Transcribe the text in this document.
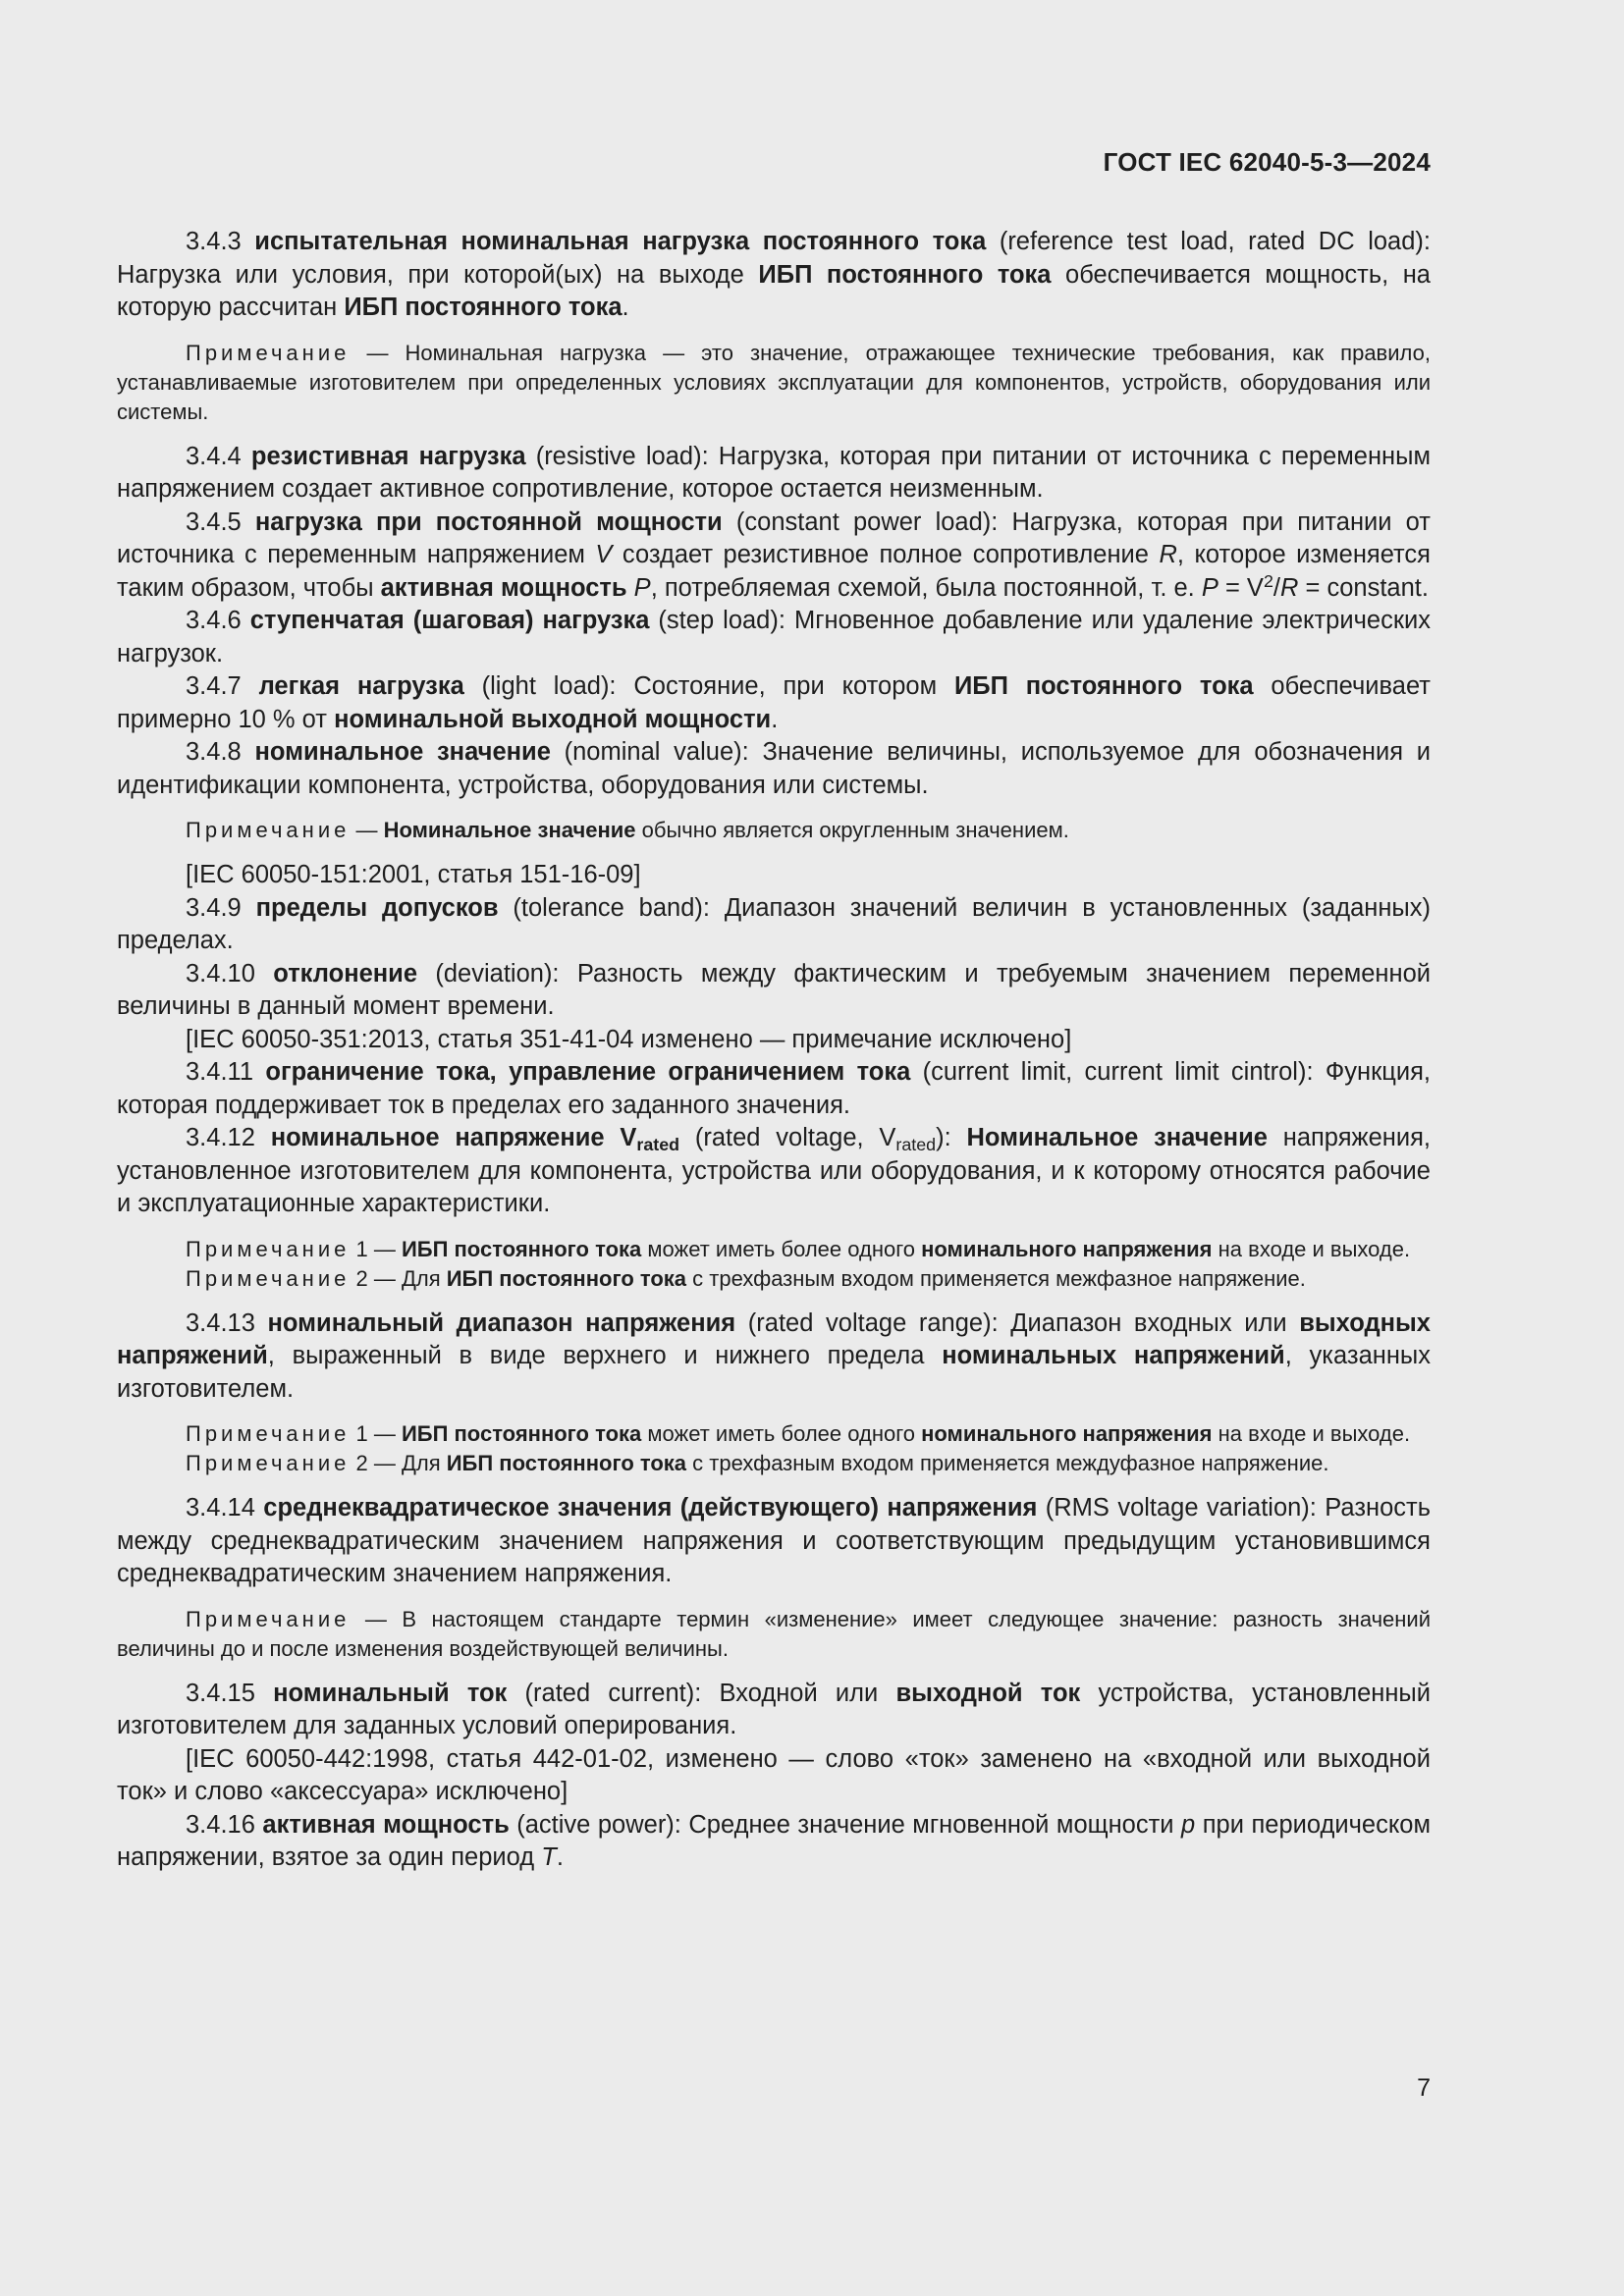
ГОСТ IEC 62040-5-3—2024

3.4.3 испытательная номинальная нагрузка постоянного тока (reference test load, rated DC load): Нагрузка или условия, при которой(ых) на выходе ИБП постоянного тока обеспечивается мощность, на которую рассчитан ИБП постоянного тока.

Примечание — Номинальная нагрузка — это значение, отражающее технические требования, как правило, устанавливаемые изготовителем при определенных условиях эксплуатации для компонентов, устройств, оборудования или системы.

3.4.4 резистивная нагрузка (resistive load): Нагрузка, которая при питании от источника с переменным напряжением создает активное сопротивление, которое остается неизменным.

3.4.5 нагрузка при постоянной мощности (constant power load): Нагрузка, которая при питании от источника с переменным напряжением V создает резистивное полное сопротивление R, которое изменяется таким образом, чтобы активная мощность P, потребляемая схемой, была постоянной, т. е. $P = V^2/R$ = constant.

3.4.6 ступенчатая (шаговая) нагрузка (step load): Мгновенное добавление или удаление электрических нагрузок.

3.4.7 легкая нагрузка (light load): Состояние, при котором ИБП постоянного тока обеспечивает примерно 10 % от номинальной выходной мощности.

3.4.8 номинальное значение (nominal value): Значение величины, используемое для обозначения и идентификации компонента, устройства, оборудования или системы.

Примечание — Номинальное значение обычно является округленным значением.

[IEC 60050-151:2001, статья 151-16-09]

3.4.9 пределы допусков (tolerance band): Диапазон значений величин в установленных (заданных) пределах.

3.4.10 отклонение (deviation): Разность между фактическим и требуемым значением переменной величины в данный момент времени.

[IEC 60050-351:2013, статья 351-41-04 изменено — примечание исключено]

3.4.11 ограничение тока, управление ограничением тока (current limit, current limit cintrol): Функция, которая поддерживает ток в пределах его заданного значения.

3.4.12 номинальное напряжение $V_{rated}$ (rated voltage, $V_{rated}$): Номинальное значение напряжения, установленное изготовителем для компонента, устройства или оборудования, и к которому относятся рабочие и эксплуатационные характеристики.

Примечание 1 — ИБП постоянного тока может иметь более одного номинального напряжения на входе и выходе.

Примечание 2 — Для ИБП постоянного тока с трехфазным входом применяется межфазное напряжение.

3.4.13 номинальный диапазон напряжения (rated voltage range): Диапазон входных или выходных напряжений, выраженный в виде верхнего и нижнего предела номинальных напряжений, указанных изготовителем.

Примечание 1 — ИБП постоянного тока может иметь более одного номинального напряжения на входе и выходе.

Примечание 2 — Для ИБП постоянного тока с трехфазным входом применяется междуфазное напряжение.

3.4.14 среднеквадратическое значения (действующего) напряжения (RMS voltage variation): Разность между среднеквадратическим значением напряжения и соответствующим предыдущим установившимся среднеквадратическим значением напряжения.

Примечание — В настоящем стандарте термин «изменение» имеет следующее значение: разность значений величины до и после изменения воздействующей величины.

3.4.15 номинальный ток (rated current): Входной или выходной ток устройства, установленный изготовителем для заданных условий оперирования.

[IEC 60050-442:1998, статья 442-01-02, изменено — слово «ток» заменено на «входной или выходной ток» и слово «аксессуара» исключено]

3.4.16 активная мощность (active power): Среднее значение мгновенной мощности p при периодическом напряжении, взятое за один период T.

7
